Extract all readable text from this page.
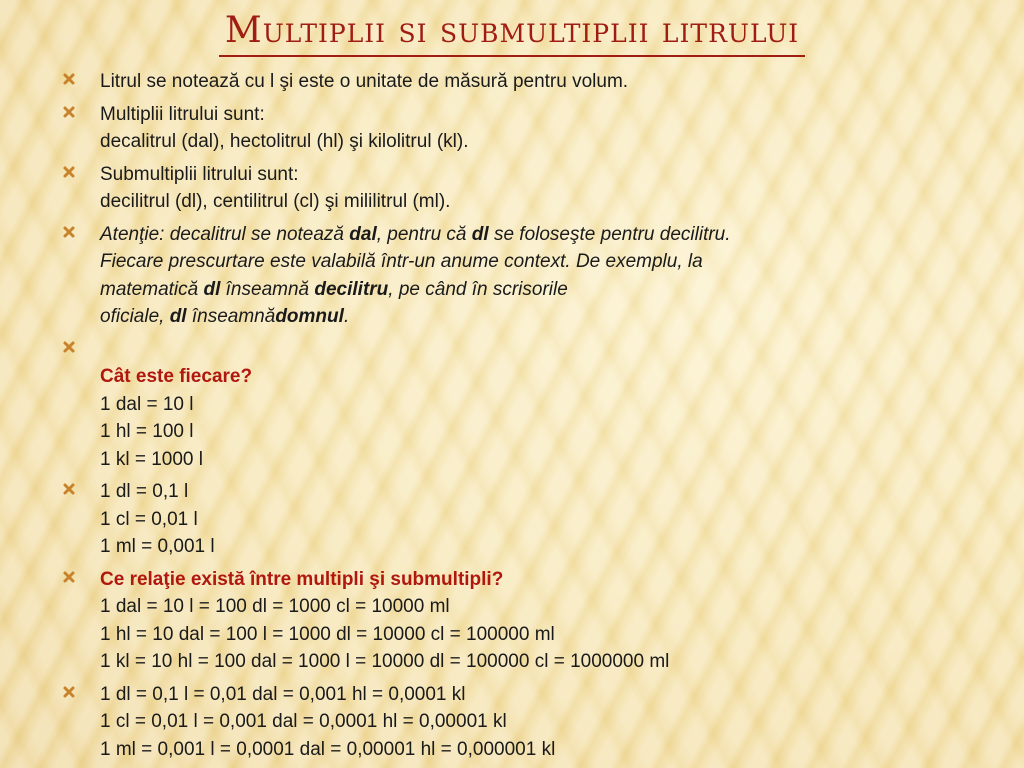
Multiplii si submultiplii litrului
Litrul se notează cu l şi este o unitate de măsură pentru volum.
Multiplii litrului sunt:
decalitrul (dal), hectolitrul (hl) şi kilolitrul (kl).
Submultiplii litrului sunt:
decilitrul (dl), centilitrul (cl) şi mililitrul (ml).
Atenţie: decalitrul se notează dal, pentru că dl se foloseşte pentru decilitru.
Fiecare prescurtare este valabilă într-un anume context. De exemplu, la
matematică dl înseamnă decilitru, pe când în scrisorile
oficiale, dl înseamnădomnul.

Cât este fiecare?
1 dal = 10 l
1 hl = 100 l
1 kl = 1000 l
1 dl = 0,1 l
1 cl = 0,01 l
1 ml = 0,001 l
Ce relaţie există între multipli şi submultipli?
1 dal = 10 l = 100 dl = 1000 cl = 10000 ml
1 hl = 10 dal = 100 l = 1000 dl = 10000 cl = 100000 ml
1 kl = 10 hl = 100 dal = 1000 l = 10000 dl = 100000 cl = 1000000 ml
1 dl = 0,1 l = 0,01 dal = 0,001 hl = 0,0001 kl
1 cl = 0,01 l = 0,001 dal = 0,0001 hl = 0,00001 kl
1 ml = 0,001 l = 0,0001 dal = 0,00001 hl = 0,000001 kl
